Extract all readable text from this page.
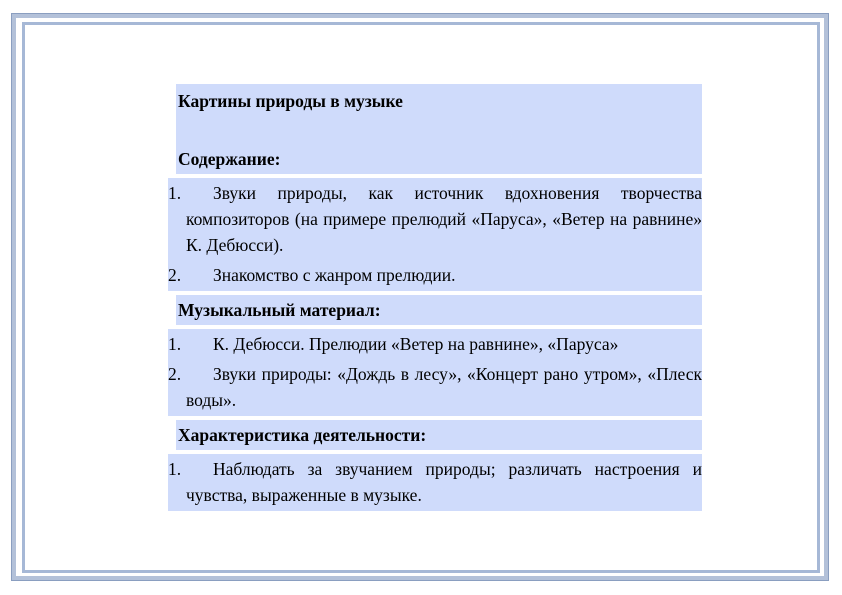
Картины природы в музыке
Содержание:
1.	Звуки природы, как источник вдохновения творчества композиторов (на примере прелюдий «Паруса», «Ветер на равнине» К. Дебюсси).
2.	Знакомство с жанром прелюдии.
Музыкальный материал:
1.	К. Дебюсси. Прелюдии «Ветер на равнине», «Паруса»
2.	Звуки природы: «Дождь в лесу», «Концерт рано утром», «Плеск воды».
Характеристика деятельности:
1.	Наблюдать за звучанием природы; различать настроения и чувства, выраженные в музыке.
